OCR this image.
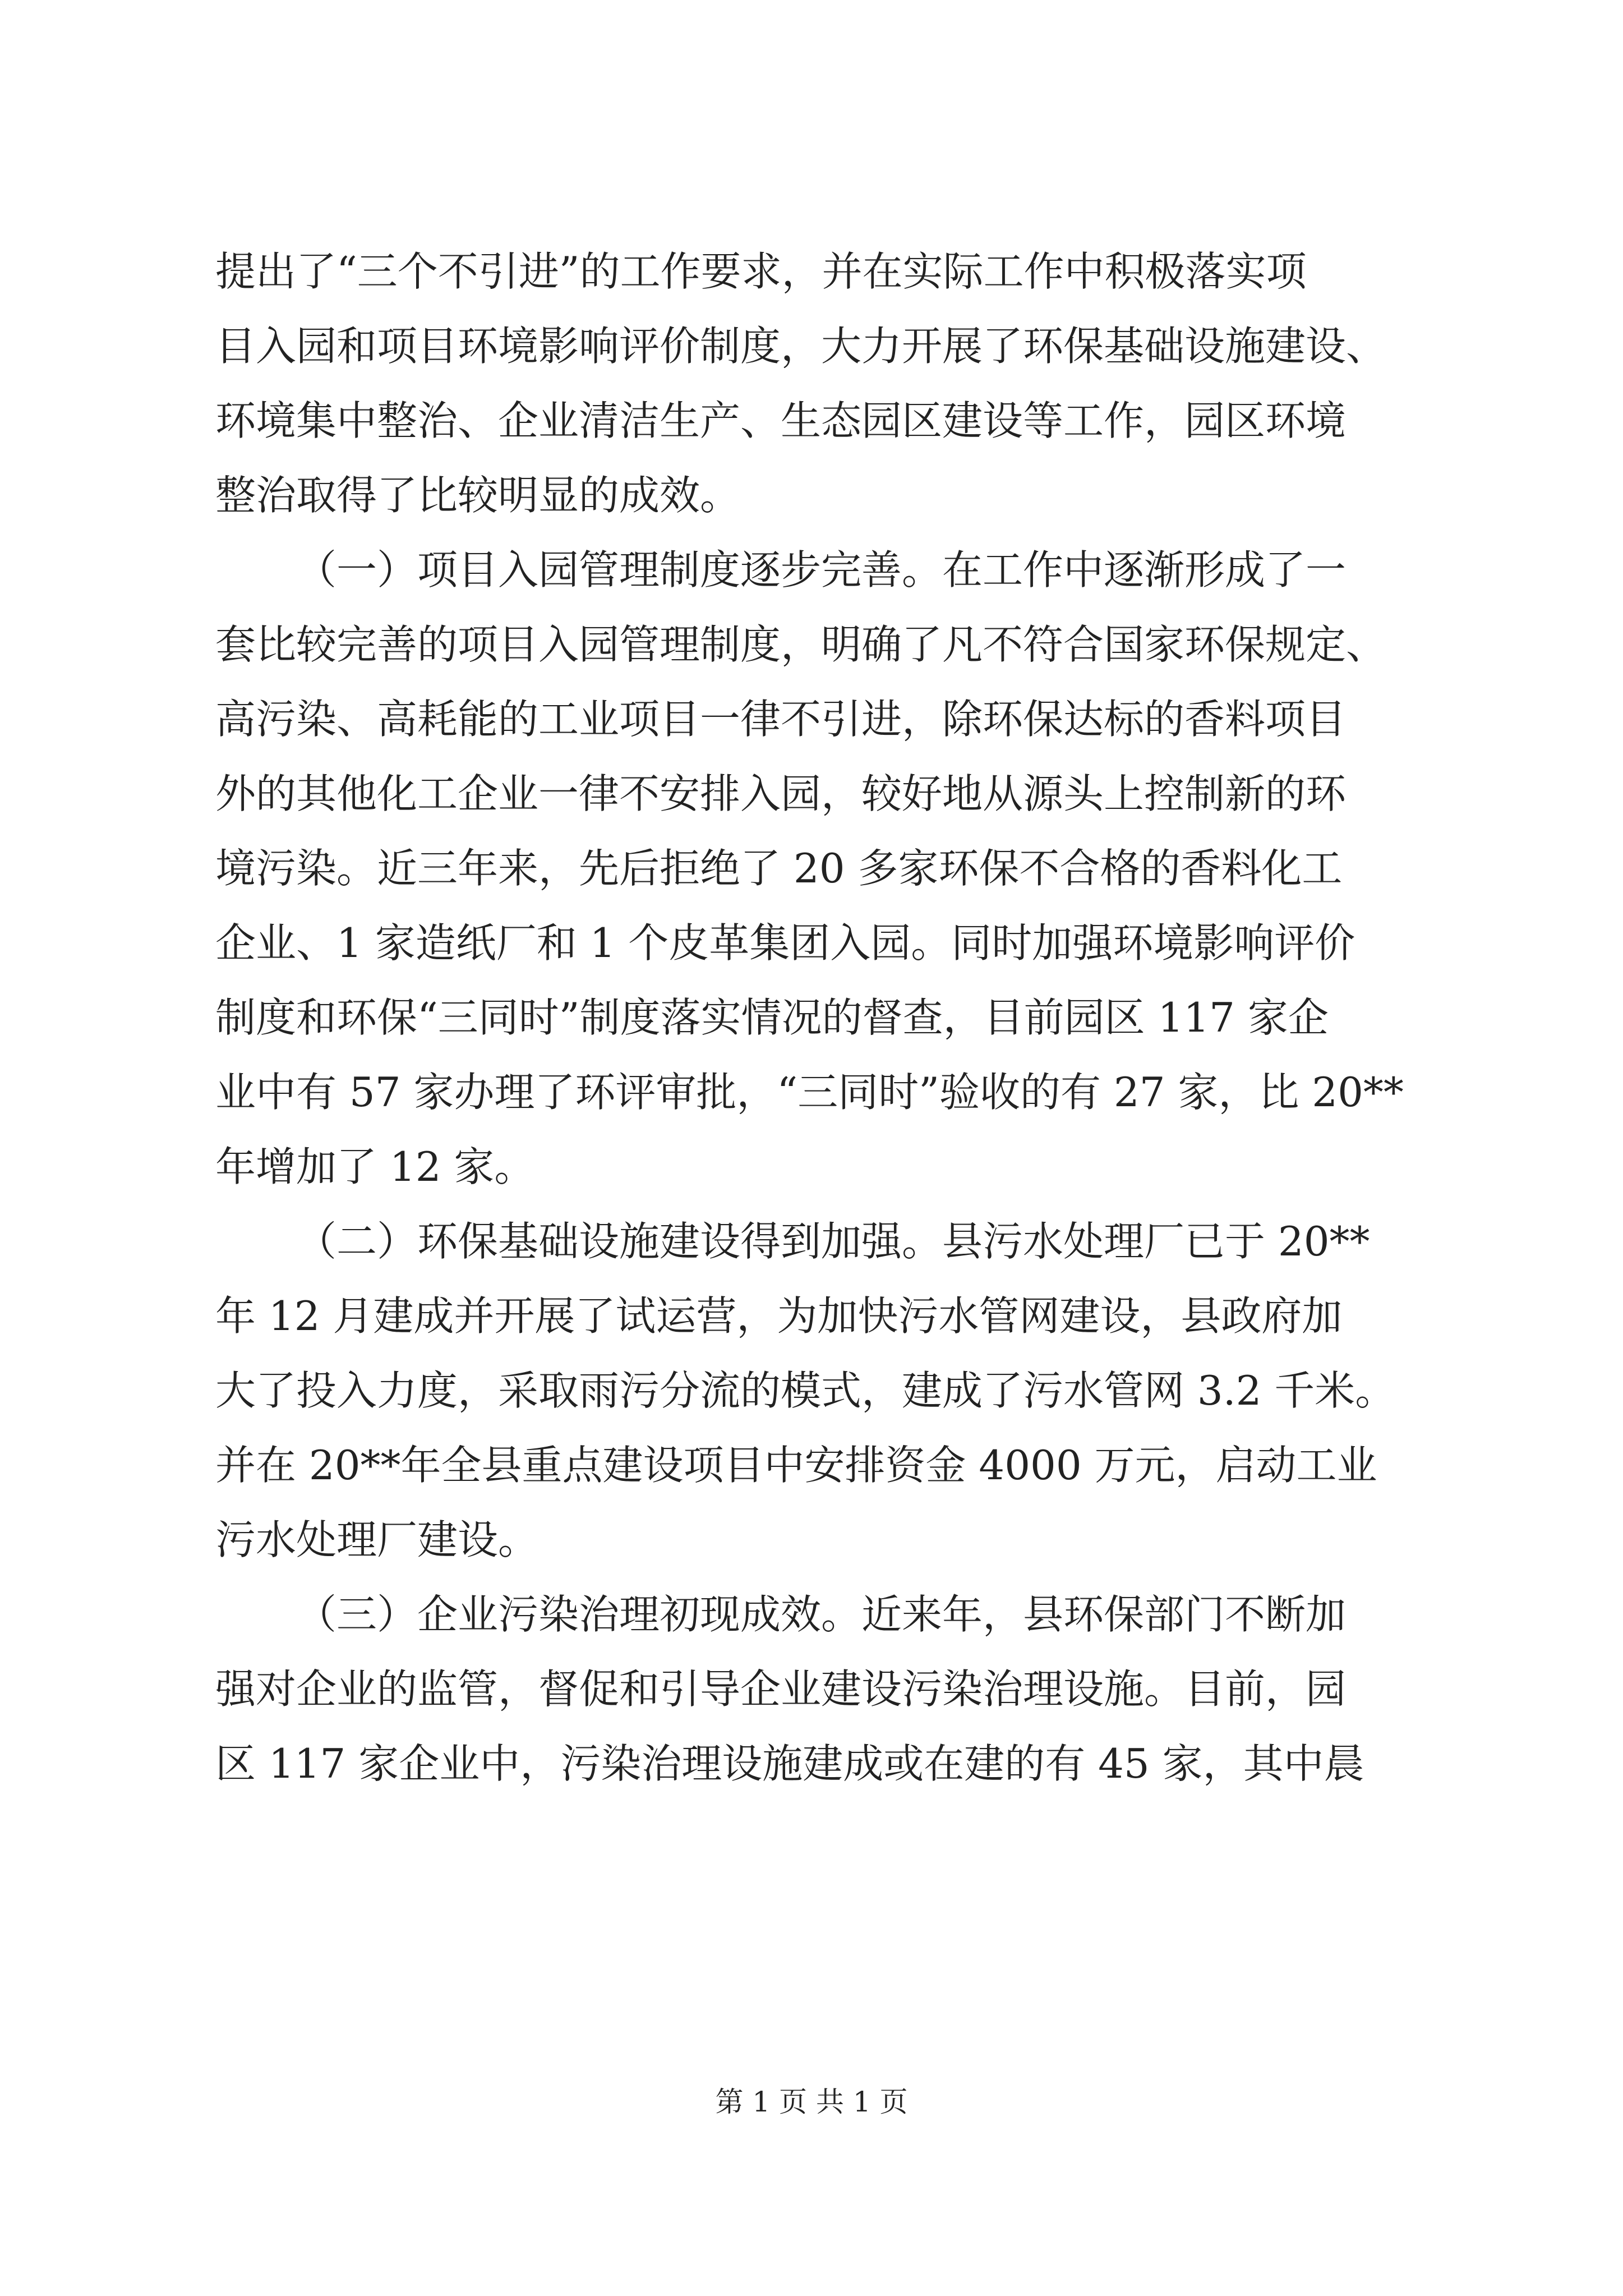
提出了“三个不引进”的工作要求，并在实际工作中积极落实项
目入园和项目环境影响评价制度，大力开展了环保基础设施建设、
环境集中整治、企业清洁生产、生态园区建设等工作，园区环境
整治取得了比较明显的成效。
（一）项目入园管理制度逐步完善。在工作中逐渐形成了一
套比较完善的项目入园管理制度，明确了凡不符合国家环保规定、
高污染、高耗能的工业项目一律不引进，除环保达标的香料项目
外的其他化工企业一律不安排入园，较好地从源头上控制新的环
境污染。近三年来，先后拒绝了 20 多家环保不合格的香料化工
企业、1 家造纸厂和 1 个皮革集团入园。同时加强环境影响评价
制度和环保“三同时”制度落实情况的督查，目前园区 117 家企
业中有 57 家办理了环评审批，“三同时”验收的有 27 家，比 20**
年增加了 12 家。
（二）环保基础设施建设得到加强。县污水处理厂已于 20**
年 12 月建成并开展了试运营，为加快污水管网建设，县政府加
大了投入力度，采取雨污分流的模式，建成了污水管网 3.2 千米。
并在 20**年全县重点建设项目中安排资金 4000 万元，启动工业
污水处理厂建设。
（三）企业污染治理初现成效。近来年，县环保部门不断加
强对企业的监管，督促和引导企业建设污染治理设施。目前，园
区 117 家企业中，污染治理设施建成或在建的有 45 家，其中晨
第 1 页 共 1 页
